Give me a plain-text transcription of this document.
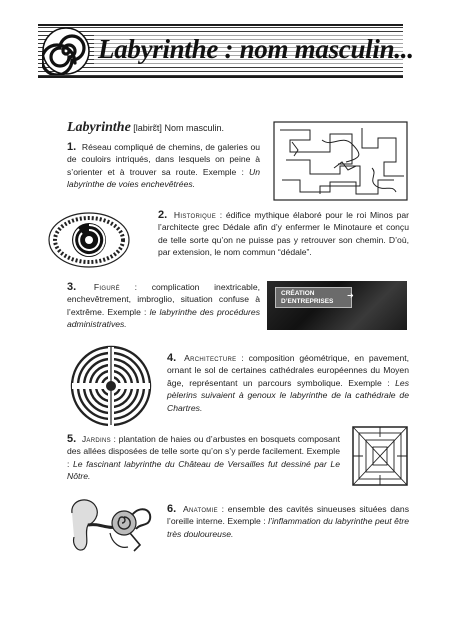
Labyrinthe : nom masculin...
Labyrinthe [labirɛ̃t] Nom masculin.
1. Réseau compliqué de chemins, de galeries ou de couloirs intriqués, dans lesquels on peine à s’orienter et à trouver sa route. Exemple : Un labyrinthe de voies enchevêtrées.
2. Historique : édifice mythique élaboré pour le roi Minos par l’architecte grec Dédale afin d’y enfermer le Minotaure et conçu de telle sorte qu’on ne puisse pas y retrouver son chemin. D’où, par extension, le nom commun “dédale”.
3. Figuré : complication inextricable, enchevêtrement, imbroglio, situation confuse à l’extrême. Exemple : le labyrinthe des procédures administratives.
CRÉATION
D’ENTREPRISES
➜
4. Architecture : composition géométrique, en pavement, ornant le sol de certaines cathédrales européennes du Moyen âge, représentant un parcours symbolique. Exemple : Les pèlerins suivaient à genoux le labyrinthe de la cathédrale de Chartres.
5. Jardins : plantation de haies ou d’arbustes en bosquets composant des allées disposées de telle sorte qu’on s’y perde facilement. Exemple : Le fascinant labyrinthe du Château de Versailles fut dessiné par Le Nôtre.
6. Anatomie : ensemble des cavités sinueuses situées dans l’oreille interne. Exemple : l’inflammation du labyrinthe peut être très douloureuse.
